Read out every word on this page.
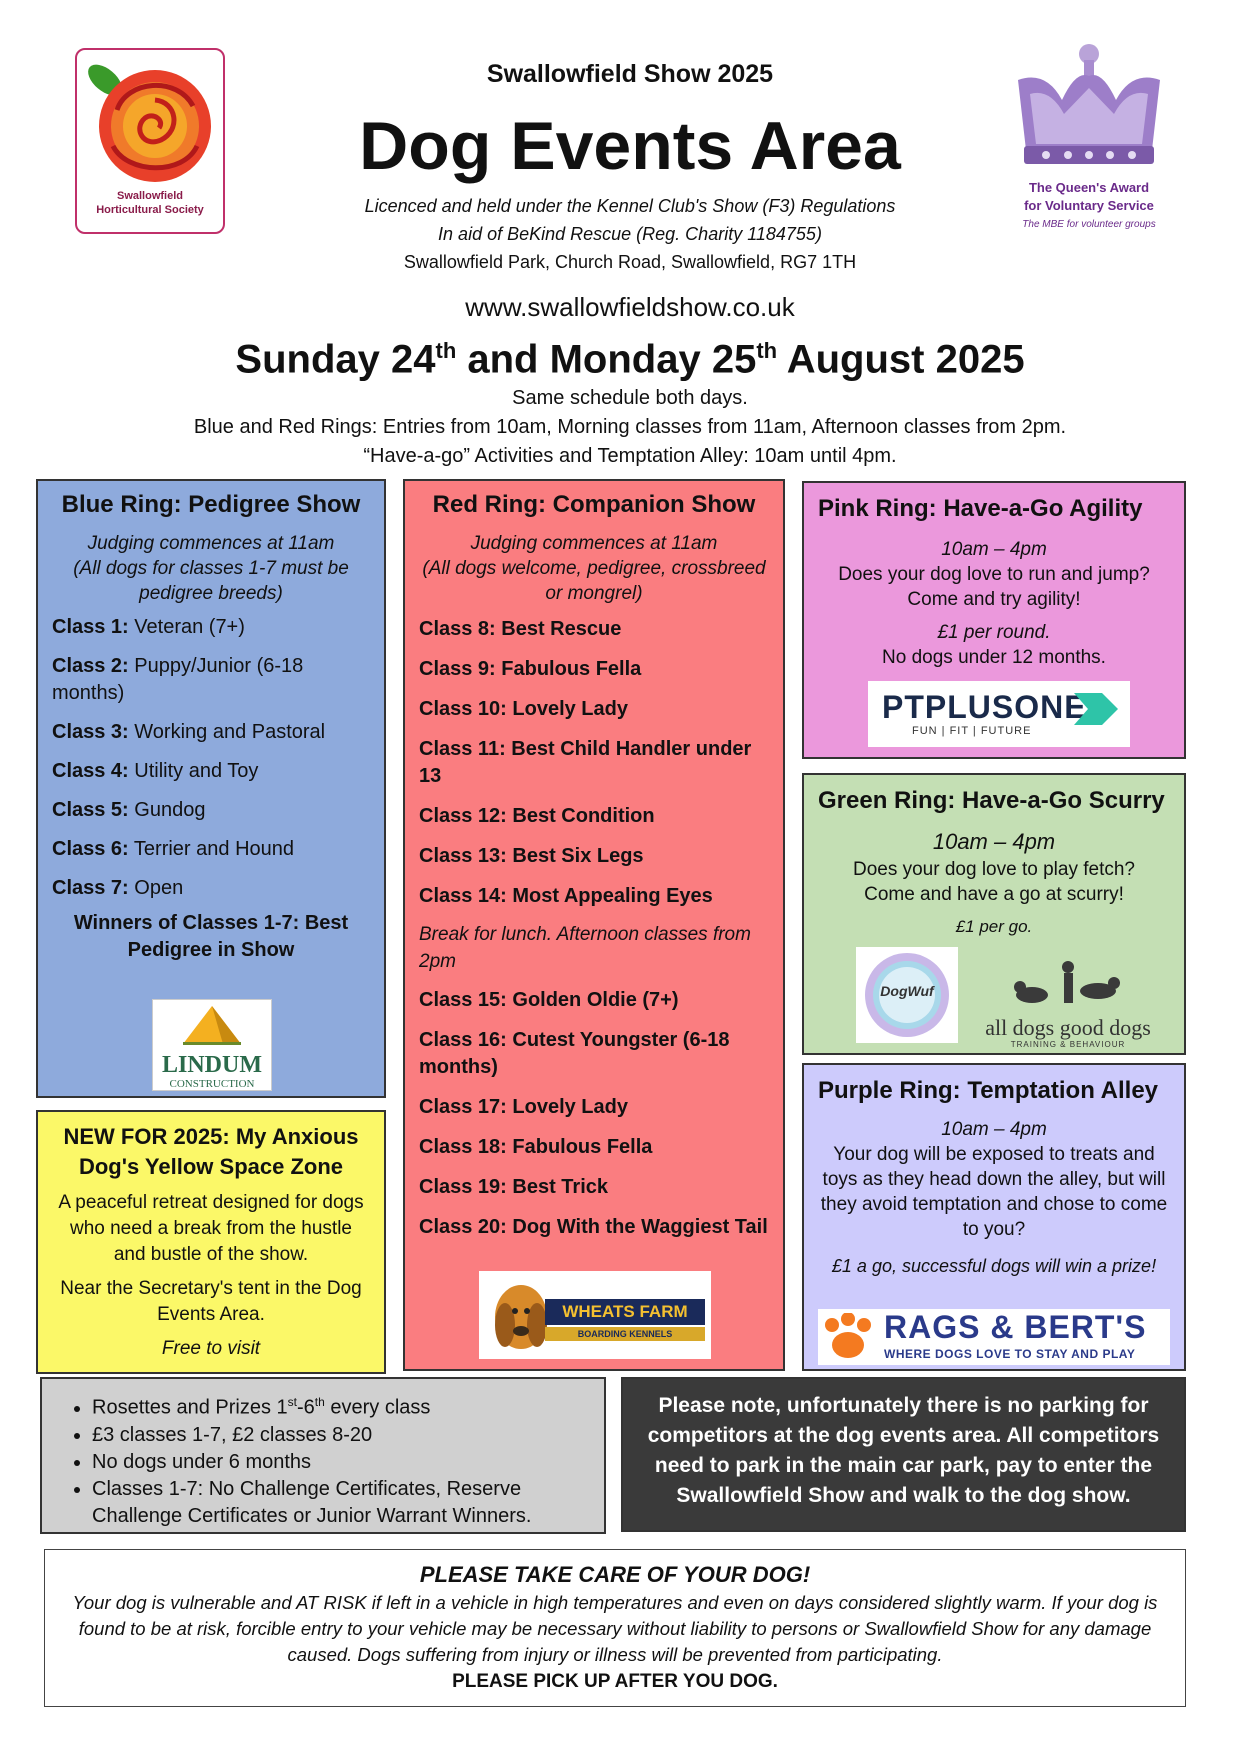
Swallowfield
Horticultural Society
The Queen's Award
for Voluntary Service
The MBE for volunteer groups
Swallowfield Show 2025
Dog Events Area
Licenced and held under the Kennel Club's Show (F3) Regulations
In aid of BeKind Rescue (Reg. Charity 1184755)
Swallowfield Park, Church Road, Swallowfield, RG7 1TH
www.swallowfieldshow.co.uk
Sunday 24th and Monday 25th August 2025
Same schedule both days.
Blue and Red Rings: Entries from 10am, Morning classes from 11am, Afternoon classes from 2pm.
“Have-a-go” Activities and Temptation Alley: 10am until 4pm.
Blue Ring: Pedigree Show
Judging commences at 11am
(All dogs for classes 1-7 must be pedigree breeds)
Class 1: Veteran (7+)
Class 2: Puppy/Junior (6-18 months)
Class 3: Working and Pastoral
Class 4: Utility and Toy
Class 5: Gundog
Class 6: Terrier and Hound
Class 7: Open
Winners of Classes 1-7: Best Pedigree in Show
LINDUM
CONSTRUCTION
NEW FOR 2025: My Anxious Dog's Yellow Space Zone
A peaceful retreat designed for dogs who need a break from the hustle and bustle of the show.
Near the Secretary's tent in the Dog Events Area.
Free to visit
Red Ring: Companion Show
Judging commences at 11am
(All dogs welcome, pedigree, crossbreed or mongrel)
Class 8: Best Rescue
Class 9: Fabulous Fella
Class 10: Lovely Lady
Class 11: Best Child Handler under 13
Class 12: Best Condition
Class 13: Best Six Legs
Class 14: Most Appealing Eyes
Break for lunch. Afternoon classes from 2pm
Class 15: Golden Oldie (7+)
Class 16: Cutest Youngster (6-18 months)
Class 17: Lovely Lady
Class 18: Fabulous Fella
Class 19: Best Trick
Class 20: Dog With the Waggiest Tail
WHEATS FARM
BOARDING KENNELS
Pink Ring: Have-a-Go Agility
10am – 4pm
Does your dog love to run and jump? Come and try agility!
£1 per round.
No dogs under 12 months.
PTPLUSONE
FUN | FIT | FUTURE
Green Ring: Have-a-Go Scurry
10am – 4pm
Does your dog love to play fetch? Come and have a go at scurry!
£1 per go.
DogWuf
all dogs good dogs
TRAINING & BEHAVIOUR
Purple Ring: Temptation Alley
10am – 4pm
Your dog will be exposed to treats and toys as they head down the alley, but will they avoid temptation and chose to come to you?
£1 a go, successful dogs will win a prize!
RAGS & BERT'S
WHERE DOGS LOVE TO STAY AND PLAY
• Rosettes and Prizes 1st-6th every class
• £3 classes 1-7, £2 classes 8-20
• No dogs under 6 months
• Classes 1-7: No Challenge Certificates, Reserve Challenge Certificates or Junior Warrant Winners.
Please note, unfortunately there is no parking for competitors at the dog events area. All competitors need to park in the main car park, pay to enter the Swallowfield Show and walk to the dog show.
PLEASE TAKE CARE OF YOUR DOG!
Your dog is vulnerable and AT RISK if left in a vehicle in high temperatures and even on days considered slightly warm. If your dog is found to be at risk, forcible entry to your vehicle may be necessary without liability to persons or Swallowfield Show for any damage caused. Dogs suffering from injury or illness will be prevented from participating.
PLEASE PICK UP AFTER YOU DOG.
